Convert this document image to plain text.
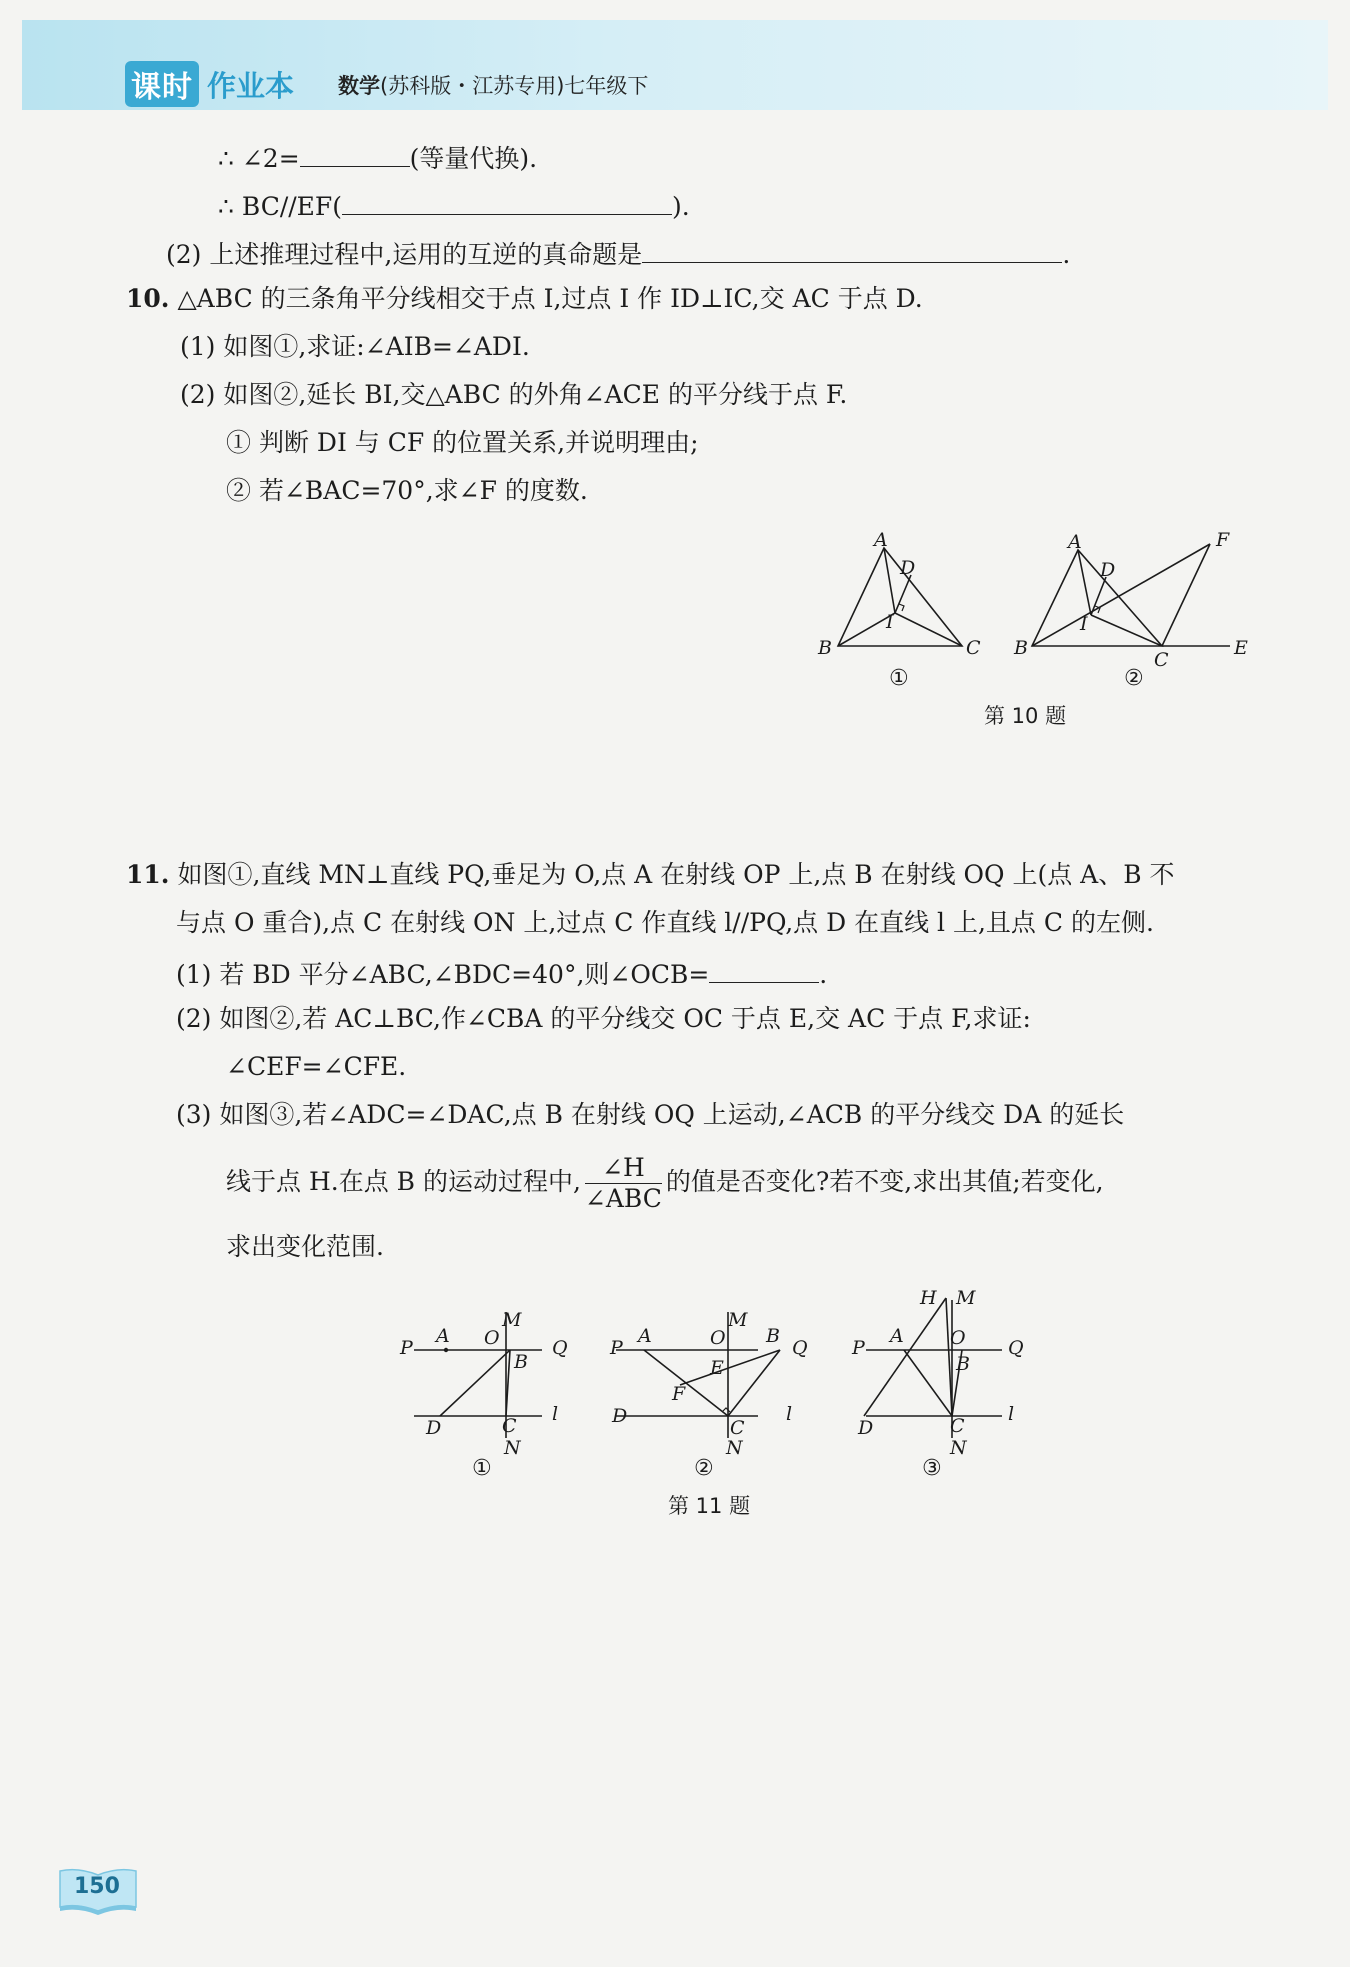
课时 作业本 数学(苏科版・江苏专用)七年级下
∴ ∠2=	(等量代换).
∴ BC//EF(	).
(2) 上述推理过程中,运用的互逆的真命题是	.
10. △ABC 的三条角平分线相交于点 I,过点 I 作 ID⊥IC,交 AC 于点 D.
(1) 如图①,求证:∠AIB=∠ADI.
(2) 如图②,延长 BI,交△ABC 的外角∠ACE 的平分线于点 F.
① 判断 DI 与 CF 的位置关系,并说明理由;
② 若∠BAC=70°,求∠F 的度数.
A
D
B	C
I
A
D
F
B
C
E
I
①	②
第 10 题
11. 如图①,直线 MN⊥直线 PQ,垂足为 O,点 A 在射线 OP 上,点 B 在射线 OQ 上(点 A、B 不
与点 O 重合),点 C 在射线 ON 上,过点 C 作直线 l//PQ,点 D 在直线 l 上,且点 C 的左侧.
(1) 若 BD 平分∠ABC,∠BDC=40°,则∠OCB=	.
(2) 如图②,若 AC⊥BC,作∠CBA 的平分线交 OC 于点 E,交 AC 于点 F,求证:
∠CEF=∠CFE.
(3) 如图③,若∠ADC=∠DAC,点 B 在射线 OQ 上运动,∠ACB 的平分线交 DA 的延长
线于点 H.在点 B 的运动过程中, $\frac{\angle H}{\text{∠ABC}}$ 的值是否变化?若不变,求出其值;若变化,
求出变化范围.
P
A O
M
B
Q
D	C
N
l
P
A	O
M
B
Q
E
F
D
C
N
l
P
A
H M
O
B
Q
D	C
N
l
①	②	③
第 11 题
150
